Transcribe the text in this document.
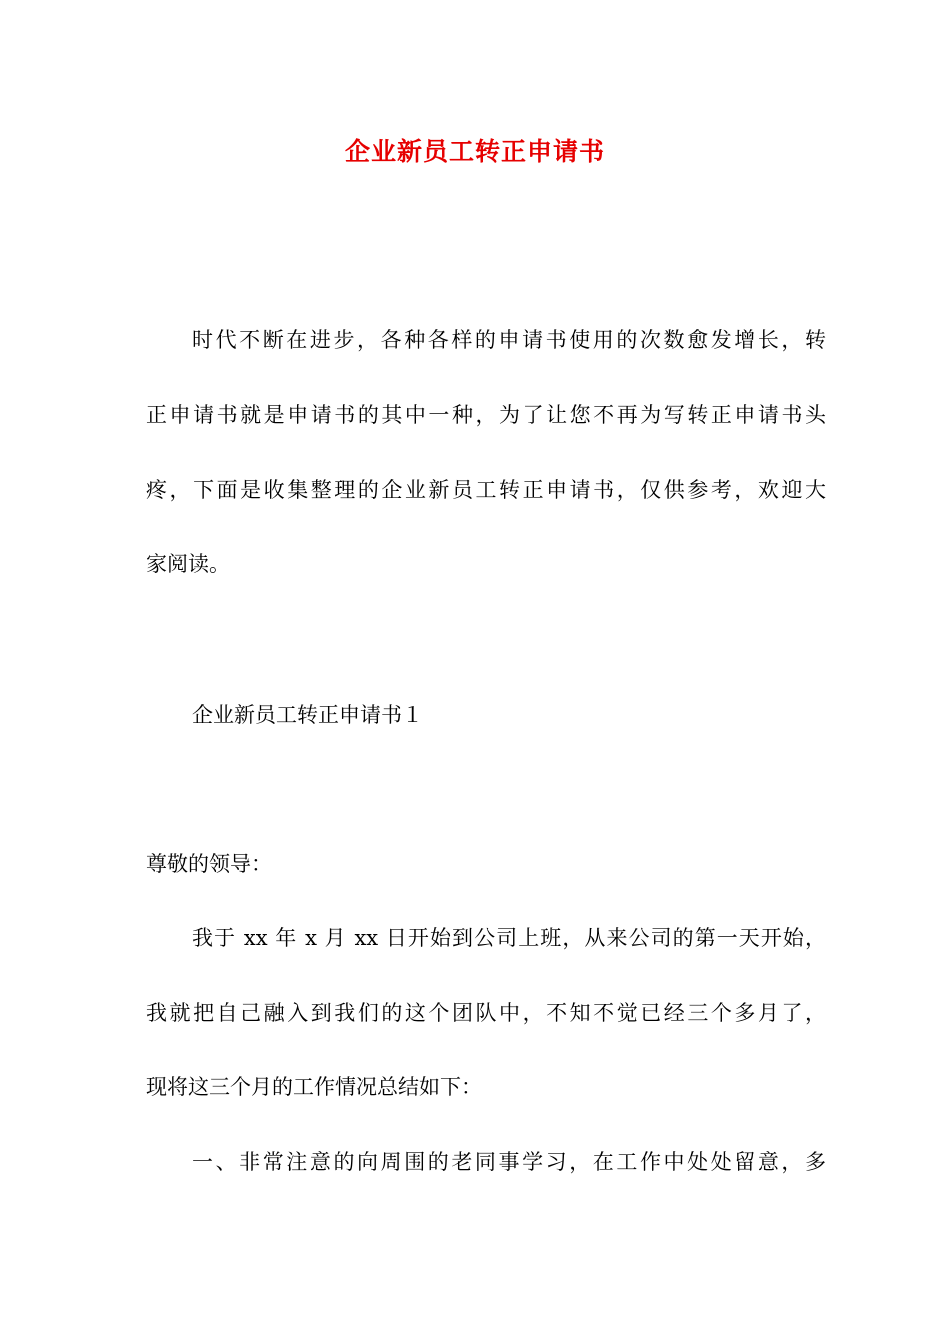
企业新员工转正申请书
时代不断在进步，各种各样的申请书使用的次数愈发增长，转
正申请书就是申请书的其中一种，为了让您不再为写转正申请书头
疼，下面是收集整理的企业新员工转正申请书，仅供参考，欢迎大
家阅读。
企业新员工转正申请书１
尊敬的领导：
我于 xx 年 x 月 xx 日开始到公司上班，从来公司的第一天开始，
我就把自己融入到我们的这个团队中，不知不觉已经三个多月了，
现将这三个月的工作情况总结如下：
一、非常注意的向周围的老同事学习，在工作中处处留意，多
